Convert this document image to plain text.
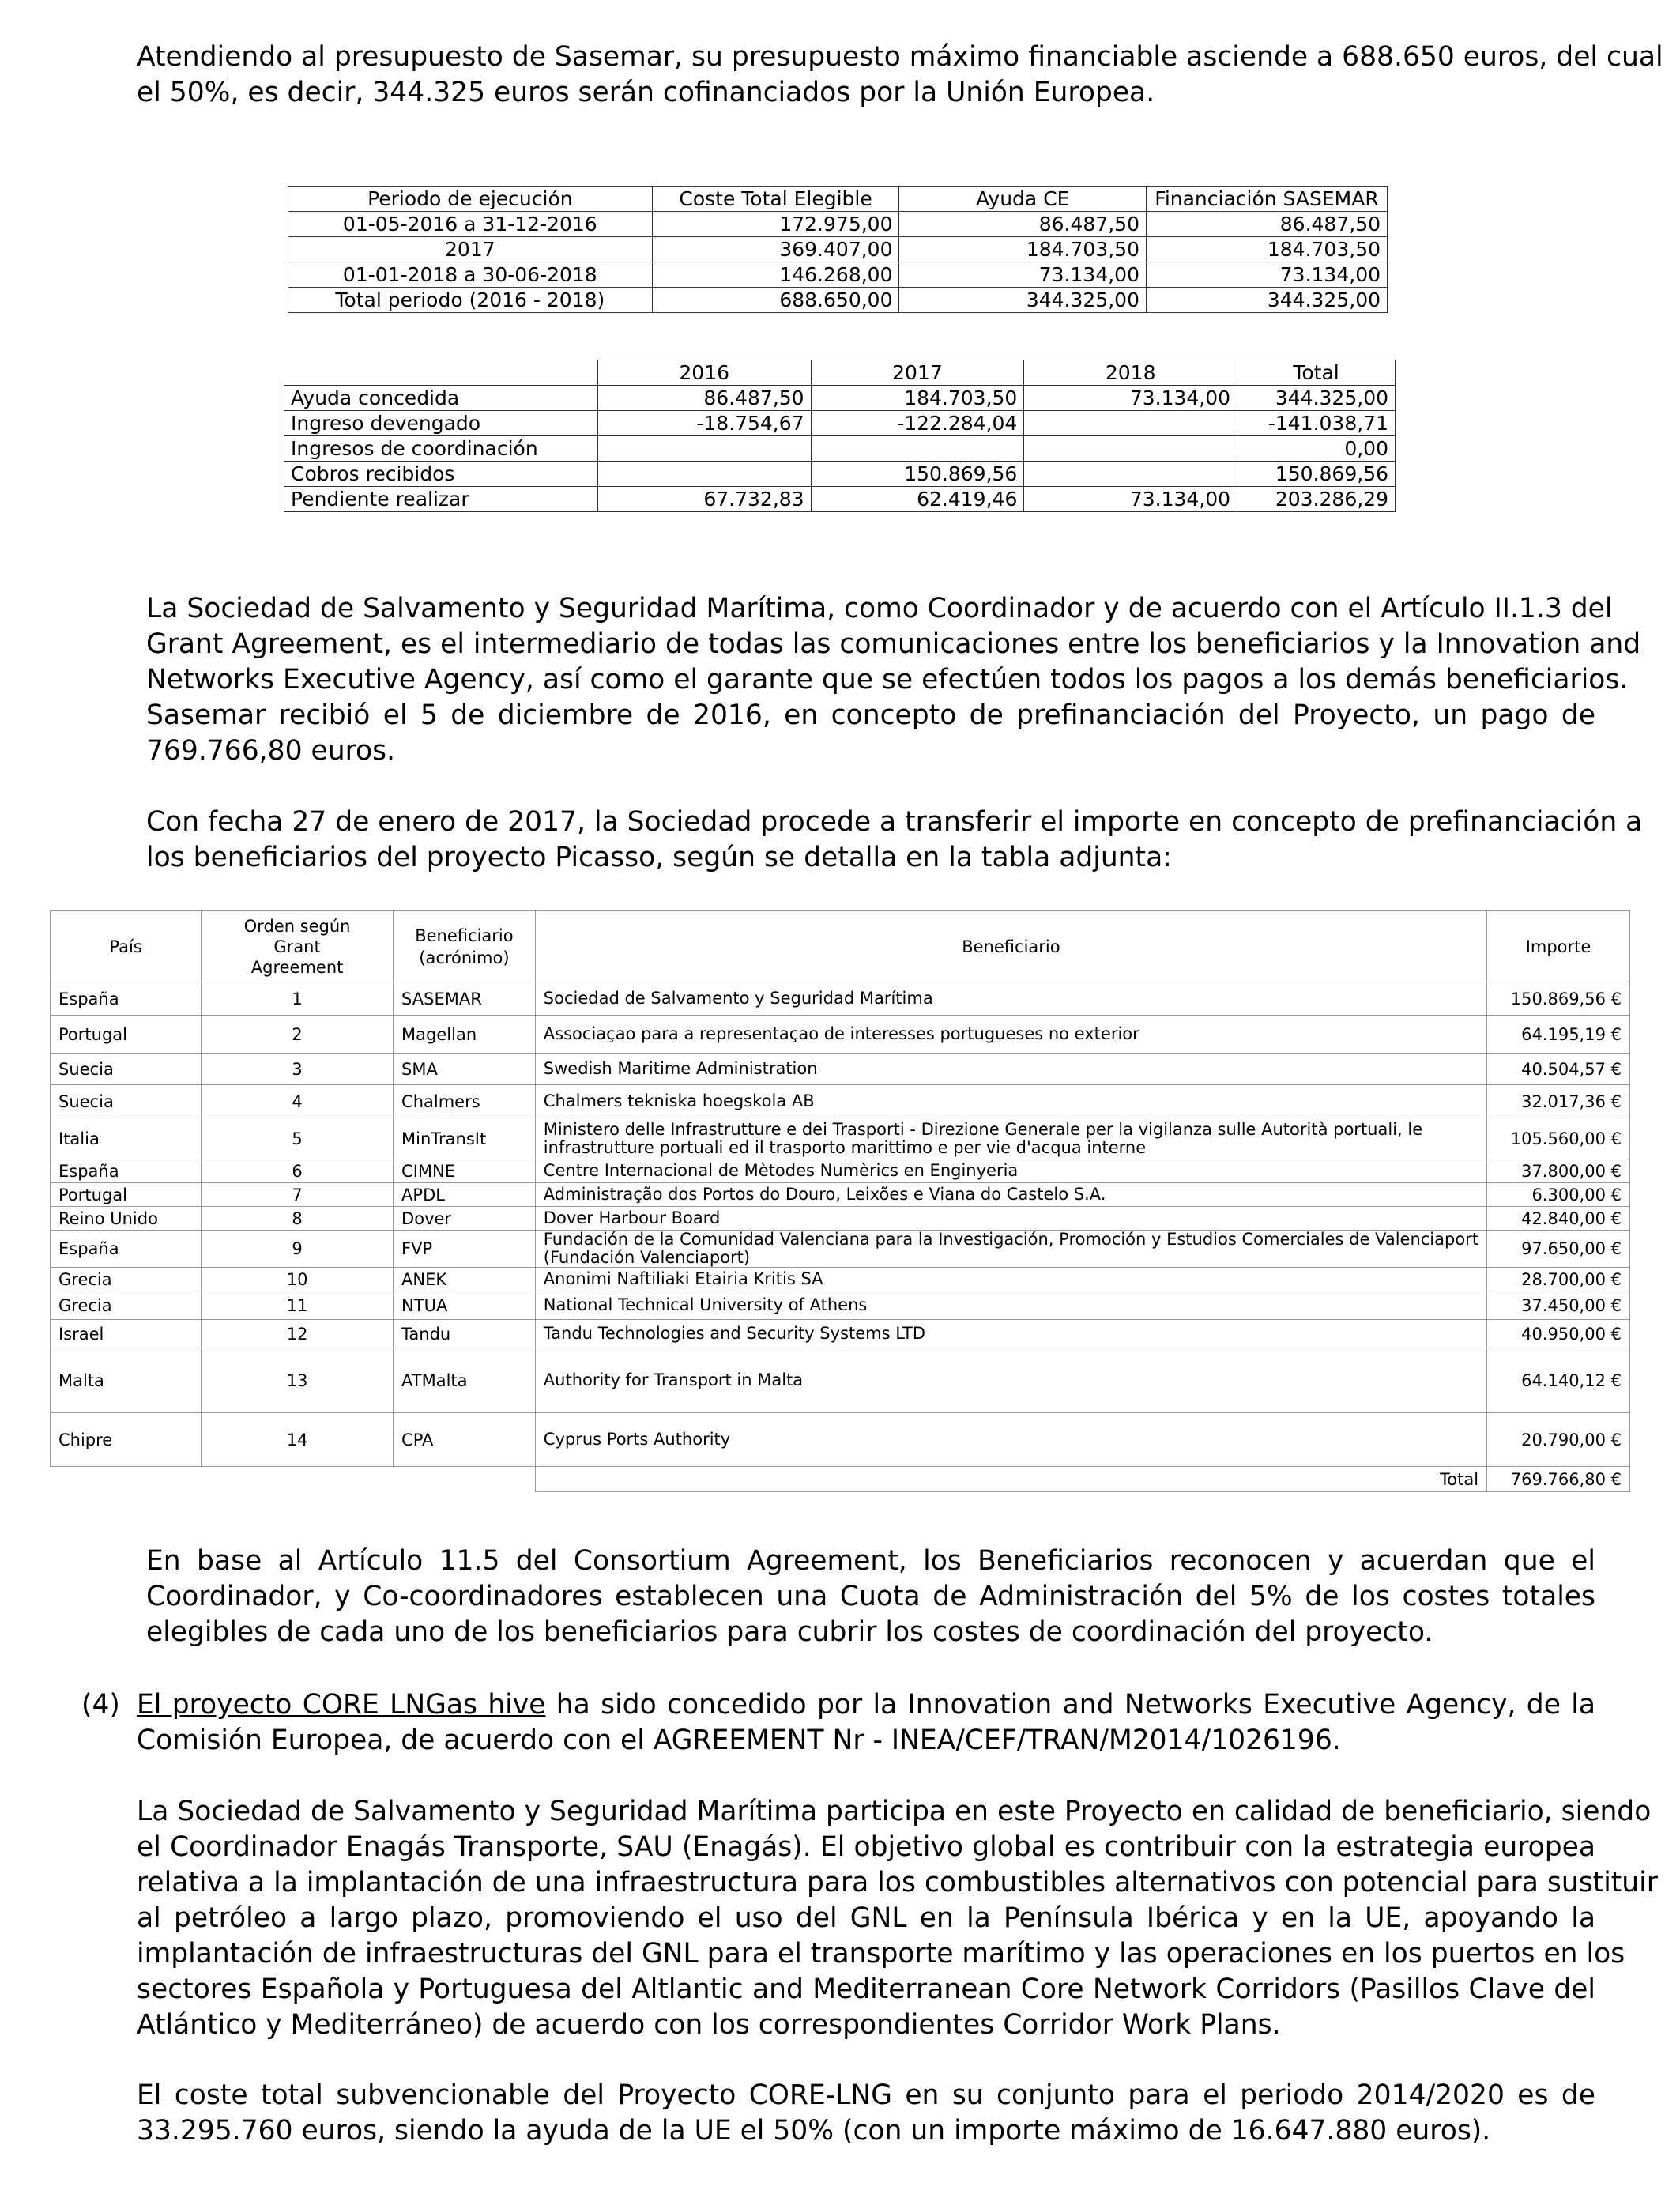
Atendiendo al presupuesto de Sasemar, su presupuesto máximo financiable asciende a 688.650 euros, del cual
el 50%, es decir, 344.325 euros serán cofinanciados por la Unión Europea.
Periodo de ejecución	Coste Total Elegible	Ayuda CE	Financiación SASEMAR
01-05-2016 a 31-12-2016	172.975,00	86.487,50	86.487,50
2017	369.407,00	184.703,50	184.703,50
01-01-2018 a 30-06-2018	146.268,00	73.134,00	73.134,00
Total periodo (2016 - 2018)	688.650,00	344.325,00	344.325,00
	2016	2017	2018	Total
Ayuda concedida	86.487,50	184.703,50	73.134,00	344.325,00
Ingreso devengado	-18.754,67	-122.284,04		-141.038,71
Ingresos de coordinación				0,00
Cobros recibidos		150.869,56		150.869,56
Pendiente realizar	67.732,83	62.419,46	73.134,00	203.286,29
La Sociedad de Salvamento y Seguridad Marítima, como Coordinador y de acuerdo con el Artículo II.1.3 del
Grant Agreement, es el intermediario de todas las comunicaciones entre los beneficiarios y la Innovation and
Networks Executive Agency, así como el garante que se efectúen todos los pagos a los demás beneficiarios.
Sasemar recibió el 5 de diciembre de 2016, en concepto de prefinanciación del Proyecto, un pago de
769.766,80 euros.
Con fecha 27 de enero de 2017, la Sociedad procede a transferir el importe en concepto de prefinanciación a
los beneficiarios del proyecto Picasso, según se detalla en la tabla adjunta:
País	Orden según Grant Agreement	Beneficiario (acrónimo)	Beneficiario	Importe
España	1	SASEMAR	Sociedad de Salvamento y Seguridad Marítima	150.869,56 €
Portugal	2	Magellan	Associaçao para a representaçao de interesses portugueses no exterior	64.195,19 €
Suecia	3	SMA	Swedish Maritime Administration	40.504,57 €
Suecia	4	Chalmers	Chalmers tekniska hoegskola AB	32.017,36 €
Italia	5	MinTransIt	Ministero delle Infrastrutture e dei Trasporti - Direzione Generale per la vigilanza sulle Autorità portuali, le
infrastrutture portuali ed il trasporto marittimo e per vie d'acqua interne	105.560,00 €
España	6	CIMNE	Centre Internacional de Mètodes Numèrics en Enginyeria	37.800,00 €
Portugal	7	APDL	Administração dos Portos do Douro, Leixões e Viana do Castelo S.A.	6.300,00 €
Reino Unido	8	Dover	Dover Harbour Board	42.840,00 €
España	9	FVP	Fundación de la Comunidad Valenciana para la Investigación, Promoción y Estudios Comerciales de Valenciaport
(Fundación Valenciaport)	97.650,00 €
Grecia	10	ANEK	Anonimi Naftiliaki Etairia Kritis SA	28.700,00 €
Grecia	11	NTUA	National Technical University of Athens	37.450,00 €
Israel	12	Tandu	Tandu Technologies and Security Systems LTD	40.950,00 €
Malta	13	ATMalta	Authority for Transport in Malta	64.140,12 €
Chipre	14	CPA	Cyprus Ports Authority	20.790,00 €
			Total	769.766,80 €
En base al Artículo 11.5 del Consortium Agreement, los Beneficiarios reconocen y acuerdan que el
Coordinador, y Co-coordinadores establecen una Cuota de Administración del 5% de los costes totales
elegibles de cada uno de los beneficiarios para cubrir los costes de coordinación del proyecto.
(4) El proyecto CORE LNGas hive ha sido concedido por la Innovation and Networks Executive Agency, de la
Comisión Europea, de acuerdo con el AGREEMENT Nr - INEA/CEF/TRAN/M2014/1026196.
La Sociedad de Salvamento y Seguridad Marítima participa en este Proyecto en calidad de beneficiario, siendo
el Coordinador Enagás Transporte, SAU (Enagás). El objetivo global es contribuir con la estrategia europea
relativa a la implantación de una infraestructura para los combustibles alternativos con potencial para sustituir
al petróleo a largo plazo, promoviendo el uso del GNL en la Península Ibérica y en la UE, apoyando la
implantación de infraestructuras del GNL para el transporte marítimo y las operaciones en los puertos en los
sectores Española y Portuguesa del Altlantic and Mediterranean Core Network Corridors (Pasillos Clave del
Atlántico y Mediterráneo) de acuerdo con los correspondientes Corridor Work Plans.
El coste total subvencionable del Proyecto CORE-LNG en su conjunto para el periodo 2014/2020 es de
33.295.760 euros, siendo la ayuda de la UE el 50% (con un importe máximo de 16.647.880 euros).
